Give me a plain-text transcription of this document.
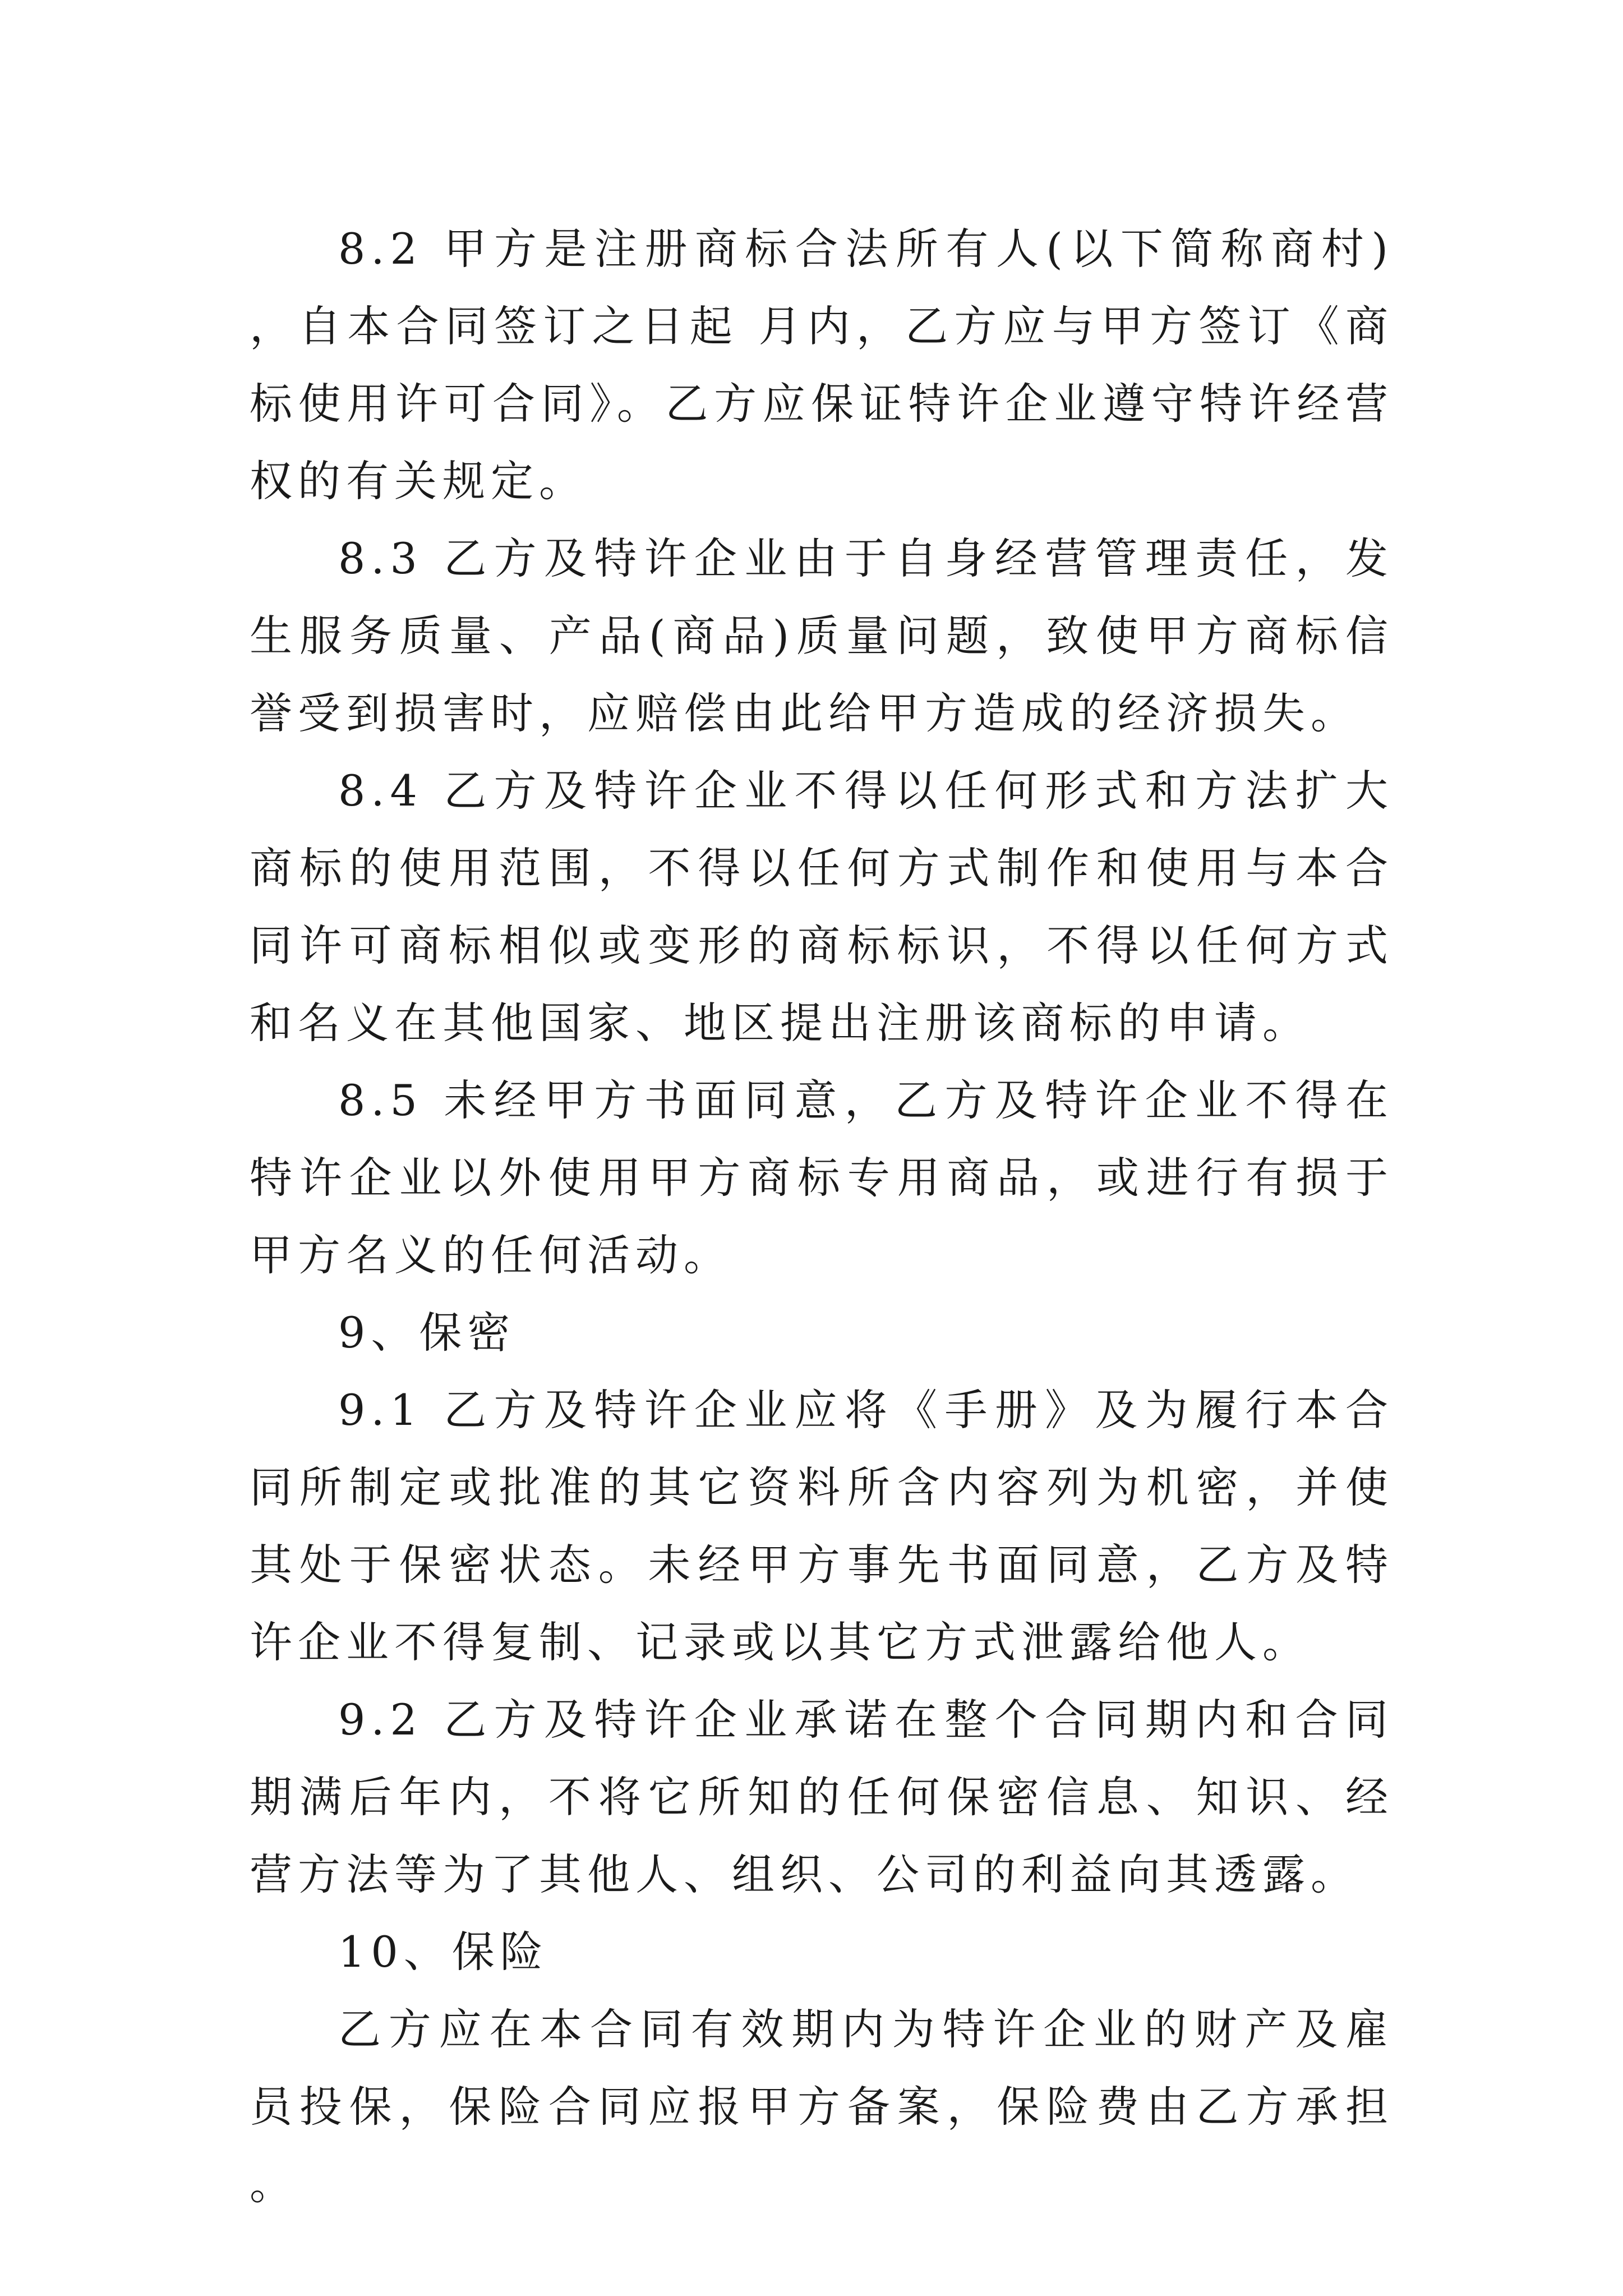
8.2 甲方是注册商标合法所有人(以下简称商村)，自本合同签订之日起 月内，乙方应与甲方签订《商标使用许可合同》。乙方应保证特许企业遵守特许经营权的有关规定。

8.3 乙方及特许企业由于自身经营管理责任，发生服务质量、产品(商品)质量问题，致使甲方商标信誉受到损害时，应赔偿由此给甲方造成的经济损失。

8.4 乙方及特许企业不得以任何形式和方法扩大商标的使用范围，不得以任何方式制作和使用与本合同许可商标相似或变形的商标标识，不得以任何方式和名义在其他国家、地区提出注册该商标的申请。

8.5 未经甲方书面同意，乙方及特许企业不得在特许企业以外使用甲方商标专用商品，或进行有损于甲方名义的任何活动。

9、保密

9.1 乙方及特许企业应将《手册》及为履行本合同所制定或批准的其它资料所含内容列为机密，并使其处于保密状态。未经甲方事先书面同意，乙方及特许企业不得复制、记录或以其它方式泄露给他人。

9.2 乙方及特许企业承诺在整个合同期内和合同期满后年内，不将它所知的任何保密信息、知识、经营方法等为了其他人、组织、公司的利益向其透露。

10、保险

乙方应在本合同有效期内为特许企业的财产及雇员投保，保险合同应报甲方备案，保险费由乙方承担。
